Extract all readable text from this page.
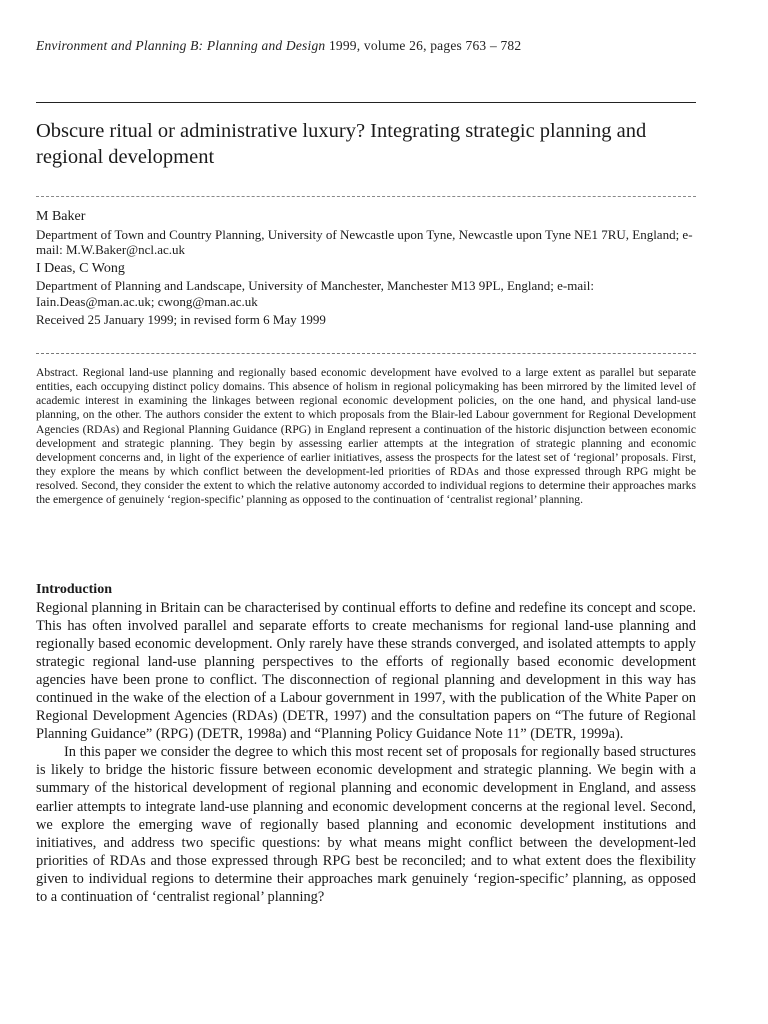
Environment and Planning B: Planning and Design 1999, volume 26, pages 763 – 782
Obscure ritual or administrative luxury? Integrating strategic planning and regional development

M Baker

Department of Town and Country Planning, University of Newcastle upon Tyne, Newcastle upon Tyne NE1 7RU, England; e-mail: M.W.Baker@ncl.ac.uk

I Deas, C Wong

Department of Planning and Landscape, University of Manchester, Manchester M13 9PL, England; e-mail: Iain.Deas@man.ac.uk; cwong@man.ac.uk

Received 25 January 1999; in revised form 6 May 1999

Abstract. Regional land-use planning and regionally based economic development have evolved to a large extent as parallel but separate entities, each occupying distinct policy domains. This absence of holism in regional policymaking has been mirrored by the limited level of academic interest in examining the linkages between regional economic development policies, on the one hand, and physical land-use planning, on the other. The authors consider the extent to which proposals from the Blair-led Labour government for Regional Development Agencies (RDAs) and Regional Planning Guidance (RPG) in England represent a continuation of the historic disjunction between economic development and strategic planning. They begin by assessing earlier attempts at the integration of strategic planning and economic development concerns and, in light of the experience of earlier initiatives, assess the prospects for the latest set of ‘regional’ proposals. First, they explore the means by which conflict between the development-led priorities of RDAs and those expressed through RPG might be resolved. Second, they consider the extent to which the relative autonomy accorded to individual regions to determine their approaches marks the emergence of genuinely ‘region-specific’ planning as opposed to the continuation of ‘centralist regional’ planning.

Introduction

Regional planning in Britain can be characterised by continual efforts to define and redefine its concept and scope. This has often involved parallel and separate efforts to create mechanisms for regional land-use planning and regionally based economic development. Only rarely have these strands converged, and isolated attempts to apply strategic regional land-use planning perspectives to the efforts of regionally based economic development agencies have been prone to conflict. The disconnection of regional planning and development in this way has continued in the wake of the election of a Labour government in 1997, with the publication of the White Paper on Regional Development Agencies (RDAs) (DETR, 1997) and the consultation papers on “The future of Regional Planning Guidance” (RPG) (DETR, 1998a) and “Planning Policy Guidance Note 11” (DETR, 1999a).

In this paper we consider the degree to which this most recent set of proposals for regionally based structures is likely to bridge the historic fissure between economic development and strategic planning. We begin with a summary of the historical development of regional planning and economic development in England, and assess earlier attempts to integrate land-use planning and economic development concerns at the regional level. Second, we explore the emerging wave of regionally based planning and economic development institutions and initiatives, and address two specific questions: by what means might conflict between the development-led priorities of RDAs and those expressed through RPG best be reconciled; and to what extent does the flexibility given to individual regions to determine their approaches mark genuinely ‘region-specific’ planning, as opposed to a continuation of ‘centralist regional’ planning?
